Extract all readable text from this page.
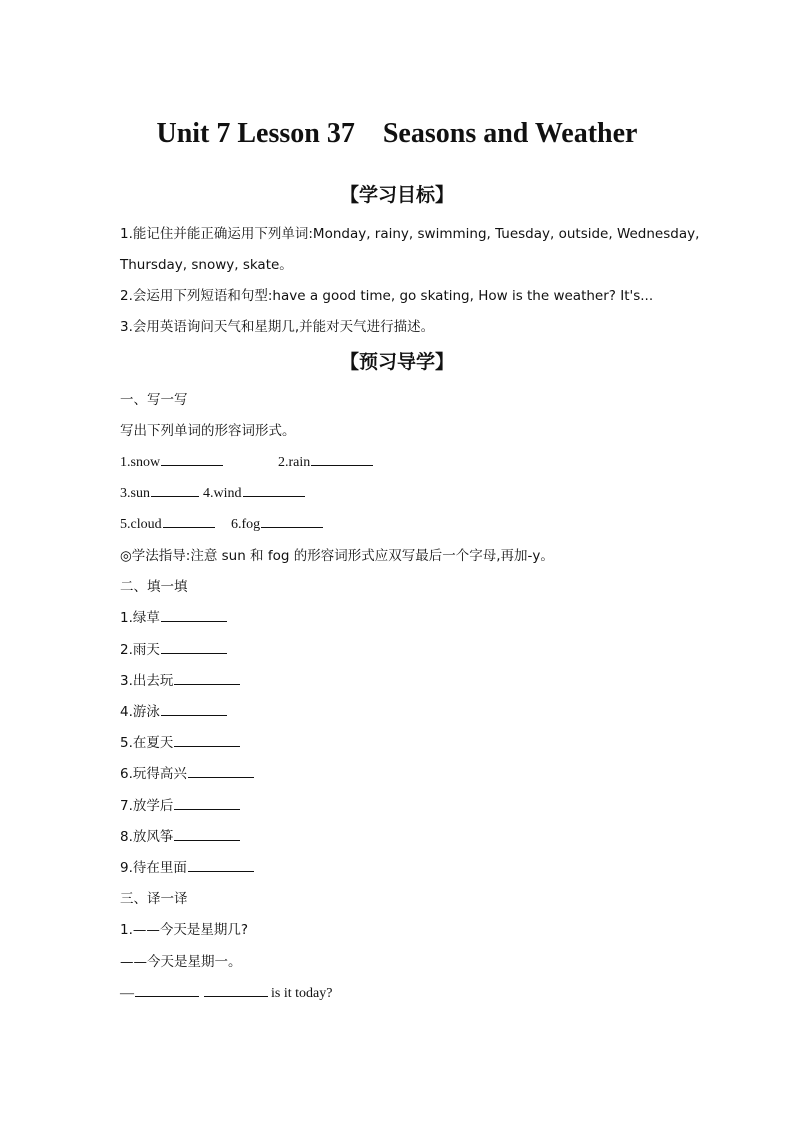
Unit 7 Lesson 37    Seasons and Weather
【学习目标】
1.能记住并能正确运用下列单词:Monday, rainy, swimming, Tuesday, outside, Wednesday,
Thursday, snowy, skate。
2.会运用下列短语和句型:have a good time, go skating, How is the weather? It's...
3.会用英语询问天气和星期几,并能对天气进行描述。
【预习导学】
一、写一写
写出下列单词的形容词形式。
1.snow	2.rain
3.sun	4.wind
5.cloud	6.fog
◎学法指导:注意 sun 和 fog 的形容词形式应双写最后一个字母,再加-y。
二、填一填
1.绿草
2.雨天
3.出去玩
4.游泳
5.在夏天
6.玩得高兴
7.放学后
8.放风筝
9.待在里面
三、译一译
1.——今天是星期几?
——今天是星期一。
—	is it today?
